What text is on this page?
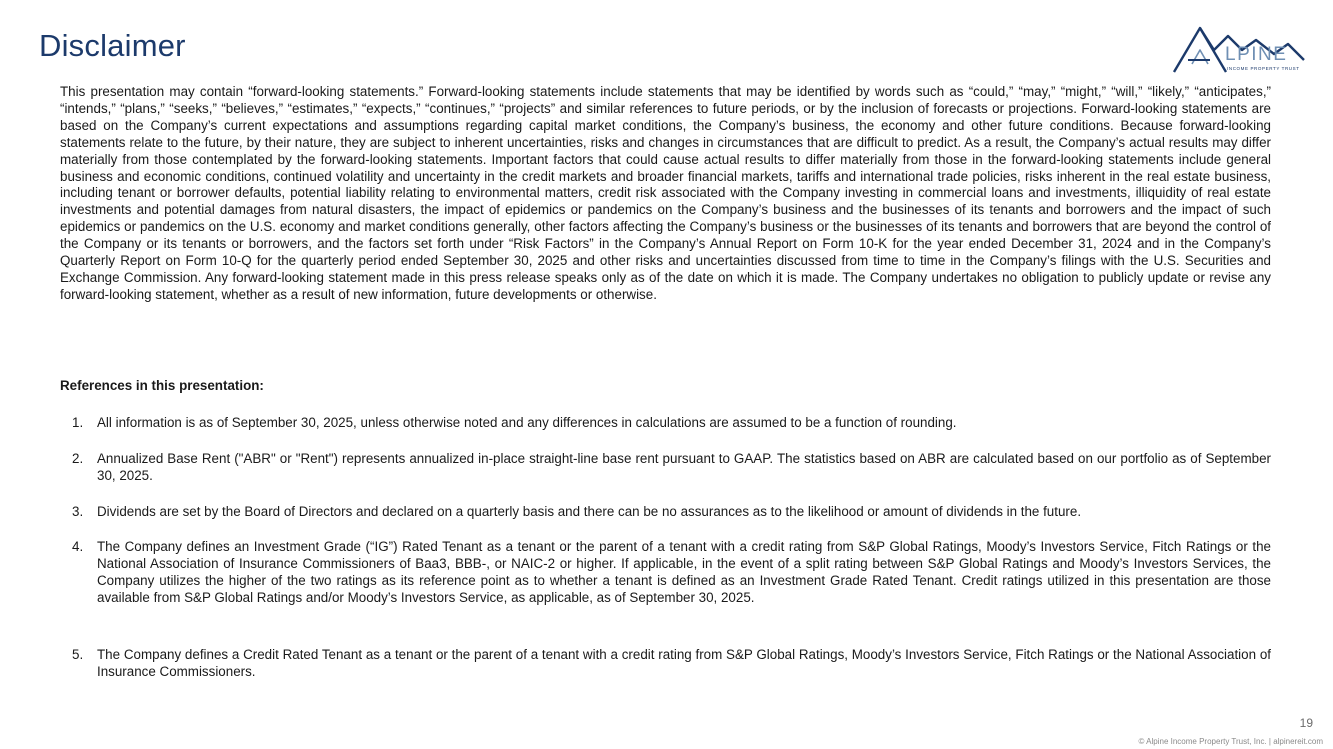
Disclaimer	LPINE
INCOME PROPERTY TRUST

This presentation may contain “forward-looking statements.” Forward-looking statements include statements that may be identified by words such as “could,” “may,” “might,” “will,” “likely,” “anticipates,” “intends,” “plans,” “seeks,” “believes,” “estimates,” “expects,” “continues,” “projects” and similar references to future periods, or by the inclusion of forecasts or projections. Forward-looking statements are based on the Company’s current expectations and assumptions regarding capital market conditions, the Company’s business, the economy and other future conditions. Because forward-looking statements relate to the future, by their nature, they are subject to inherent uncertainties, risks and changes in circumstances that are difficult to predict. As a result, the Company’s actual results may differ materially from those contemplated by the forward-looking statements. Important factors that could cause actual results to differ materially from those in the forward-looking statements include general business and economic conditions, continued volatility and uncertainty in the credit markets and broader financial markets, tariffs and international trade policies, risks inherent in the real estate business, including tenant or borrower defaults, potential liability relating to environmental matters, credit risk associated with the Company investing in commercial loans and investments, illiquidity of real estate investments and potential damages from natural disasters, the impact of epidemics or pandemics on the Company’s business and the businesses of its tenants and borrowers and the impact of such epidemics or pandemics on the U.S. economy and market conditions generally, other factors affecting the Company’s business or the businesses of its tenants and borrowers that are beyond the control of the Company or its tenants or borrowers, and the factors set forth under “Risk Factors” in the Company’s Annual Report on Form 10-K for the year ended December 31, 2024 and in the Company’s Quarterly Report on Form 10-Q for the quarterly period ended September 30, 2025 and other risks and uncertainties discussed from time to time in the Company’s filings with the U.S. Securities and Exchange Commission. Any forward-looking statement made in this press release speaks only as of the date on which it is made. The Company undertakes no obligation to publicly update or revise any forward-looking statement, whether as a result of new information, future developments or otherwise.

References in this presentation:

1.	All information is as of September 30, 2025, unless otherwise noted and any differences in calculations are assumed to be a function of rounding.
2.	Annualized Base Rent ("ABR" or "Rent") represents annualized in-place straight-line base rent pursuant to GAAP. The statistics based on ABR are calculated based on our portfolio as of September 30, 2025.
3.	Dividends are set by the Board of Directors and declared on a quarterly basis and there can be no assurances as to the likelihood or amount of dividends in the future.
4.	The Company defines an Investment Grade (“IG”) Rated Tenant as a tenant or the parent of a tenant with a credit rating from S&P Global Ratings, Moody’s Investors Service, Fitch Ratings or the National Association of Insurance Commissioners of Baa3, BBB-, or NAIC-2 or higher. If applicable, in the event of a split rating between S&P Global Ratings and Moody’s Investors Services, the Company utilizes the higher of the two ratings as its reference point as to whether a tenant is defined as an Investment Grade Rated Tenant. Credit ratings utilized in this presentation are those available from S&P Global Ratings and/or Moody’s Investors Service, as applicable, as of September 30, 2025.
5.	The Company defines a Credit Rated Tenant as a tenant or the parent of a tenant with a credit rating from S&P Global Ratings, Moody’s Investors Service, Fitch Ratings or the National Association of Insurance Commissioners.
19
© Alpine Income Property Trust, Inc. | alpinereit.com
